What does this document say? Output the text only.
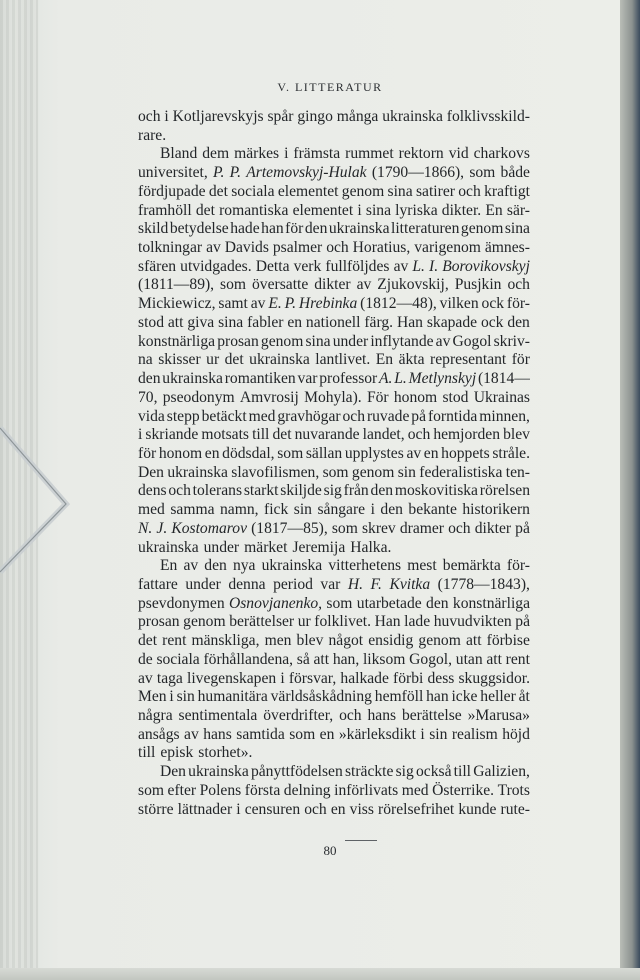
V. LITTERATUR
och i Kotljarevskyjs spår gingo många ukrainska folklivsskild-
rare.
Bland dem märkes i främsta rummet rektorn vid charkovs
universitet, P. P. Artemovskyj-Hulak (1790—1866), som både
fördjupade det sociala elementet genom sina satirer och kraftigt
framhöll det romantiska elementet i sina lyriska dikter. En sär-
skild betydelse hade han för den ukrainska litteraturen genom sina
tolkningar av Davids psalmer och Horatius, varigenom ämnes-
sfären utvidgades. Detta verk fullföljdes av L. I. Borovikovskyj
(1811—89), som översatte dikter av Zjukovskij, Pusjkin och
Mickiewicz, samt av E. P. Hrebinka (1812—48), vilken ock för-
stod att giva sina fabler en nationell färg. Han skapade ock den
konstnärliga prosan genom sina under inflytande av Gogol skriv-
na skisser ur det ukrainska lantlivet. En äkta representant för
den ukrainska romantiken var professor A. L. Metlynskyj (1814—
70, pseodonym Amvrosij Mohyla). För honom stod Ukrainas
vida stepp betäckt med gravhögar och ruvade på forntida minnen,
i skriande motsats till det nuvarande landet, och hemjorden blev
för honom en dödsdal, som sällan upplystes av en hoppets stråle.
Den ukrainska slavofilismen, som genom sin federalistiska ten-
dens och tolerans starkt skiljde sig från den moskovitiska rörelsen
med samma namn, fick sin sångare i den bekante historikern
N. J. Kostomarov (1817—85), som skrev dramer och dikter på
ukrainska under märket Jeremija Halka.
En av den nya ukrainska vitterhetens mest bemärkta för-
fattare under denna period var H. F. Kvitka (1778—1843),
psevdonymen Osnovjanenko, som utarbetade den konstnärliga
prosan genom berättelser ur folklivet. Han lade huvudvikten på
det rent mänskliga, men blev något ensidig genom att förbise
de sociala förhållandena, så att han, liksom Gogol, utan att rent
av taga livegenskapen i försvar, halkade förbi dess skuggsidor.
Men i sin humanitära världsåskådning hemföll han icke heller åt
några sentimentala överdrifter, och hans berättelse »Marusa»
ansågs av hans samtida som en »kärleksdikt i sin realism höjd
till episk storhet».
Den ukrainska pånyttfödelsen sträckte sig också till Galizien,
som efter Polens första delning införlivats med Österrike. Trots
större lättnader i censuren och en viss rörelsefrihet kunde rute-
80
